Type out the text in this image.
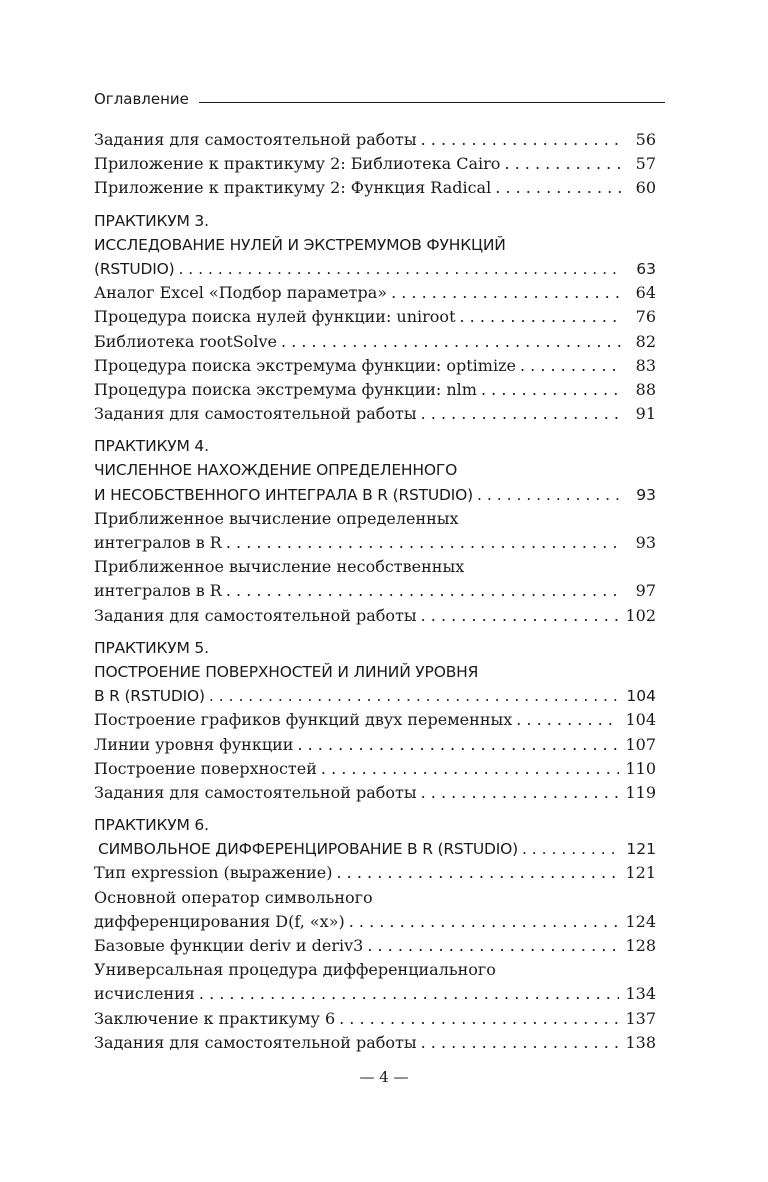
Оглавление
Задания для самостоятельной работы . . .	56
Приложение к практикуму 2: Библиотека Cairo . . .	57
Приложение к практикуму 2: Функция Radical . . .	60
ПРАКТИКУМ 3.
ИССЛЕДОВАНИЕ НУЛЕЙ И ЭКСТРЕМУМОВ ФУНКЦИЙ
(RSTUDIO) . . .	63
Аналог Excel «Подбор параметра» . . .	64
Процедура поиска нулей функции: uniroot . . .	76
Библиотека rootSolve . . .	82
Процедура поиска экстремума функции: optimize . . .	83
Процедура поиска экстремума функции: nlm . . .	88
Задания для самостоятельной работы . . .	91
ПРАКТИКУМ 4.
ЧИСЛЕННОЕ НАХОЖДЕНИЕ ОПРЕДЕЛЕННОГО
И НЕСОБСТВЕННОГО ИНТЕГРАЛА В R (RSTUDIO) . . .	93
Приближенное вычисление определенных
интегралов в R . . .	93
Приближенное вычисление несобственных
интегралов в R . . .	97
Задания для самостоятельной работы . . .	102
ПРАКТИКУМ 5.
ПОСТРОЕНИЕ ПОВЕРХНОСТЕЙ И ЛИНИЙ УРОВНЯ
B R (RSTUDIO) . . .	104
Построение графиков функций двух переменных . . .	104
Линии уровня функции . . .	107
Построение поверхностей . . .	110
Задания для самостоятельной работы . . .	119
ПРАКТИКУМ 6.
СИМВОЛЬНОЕ ДИФФЕРЕНЦИРОВАНИЕ В R (RSTUDIO) . . .	121
Тип expression (выражение) . . .	121
Основной оператор символьного
дифференцирования D(f, «x») . . .	124
Базовые функции deriv и deriv3 . . .	128
Универсальная процедура дифференциального
исчисления . . .	134
Заключение к практикуму 6 . . .	137
Задания для самостоятельной работы . . .	138
— 4 —
